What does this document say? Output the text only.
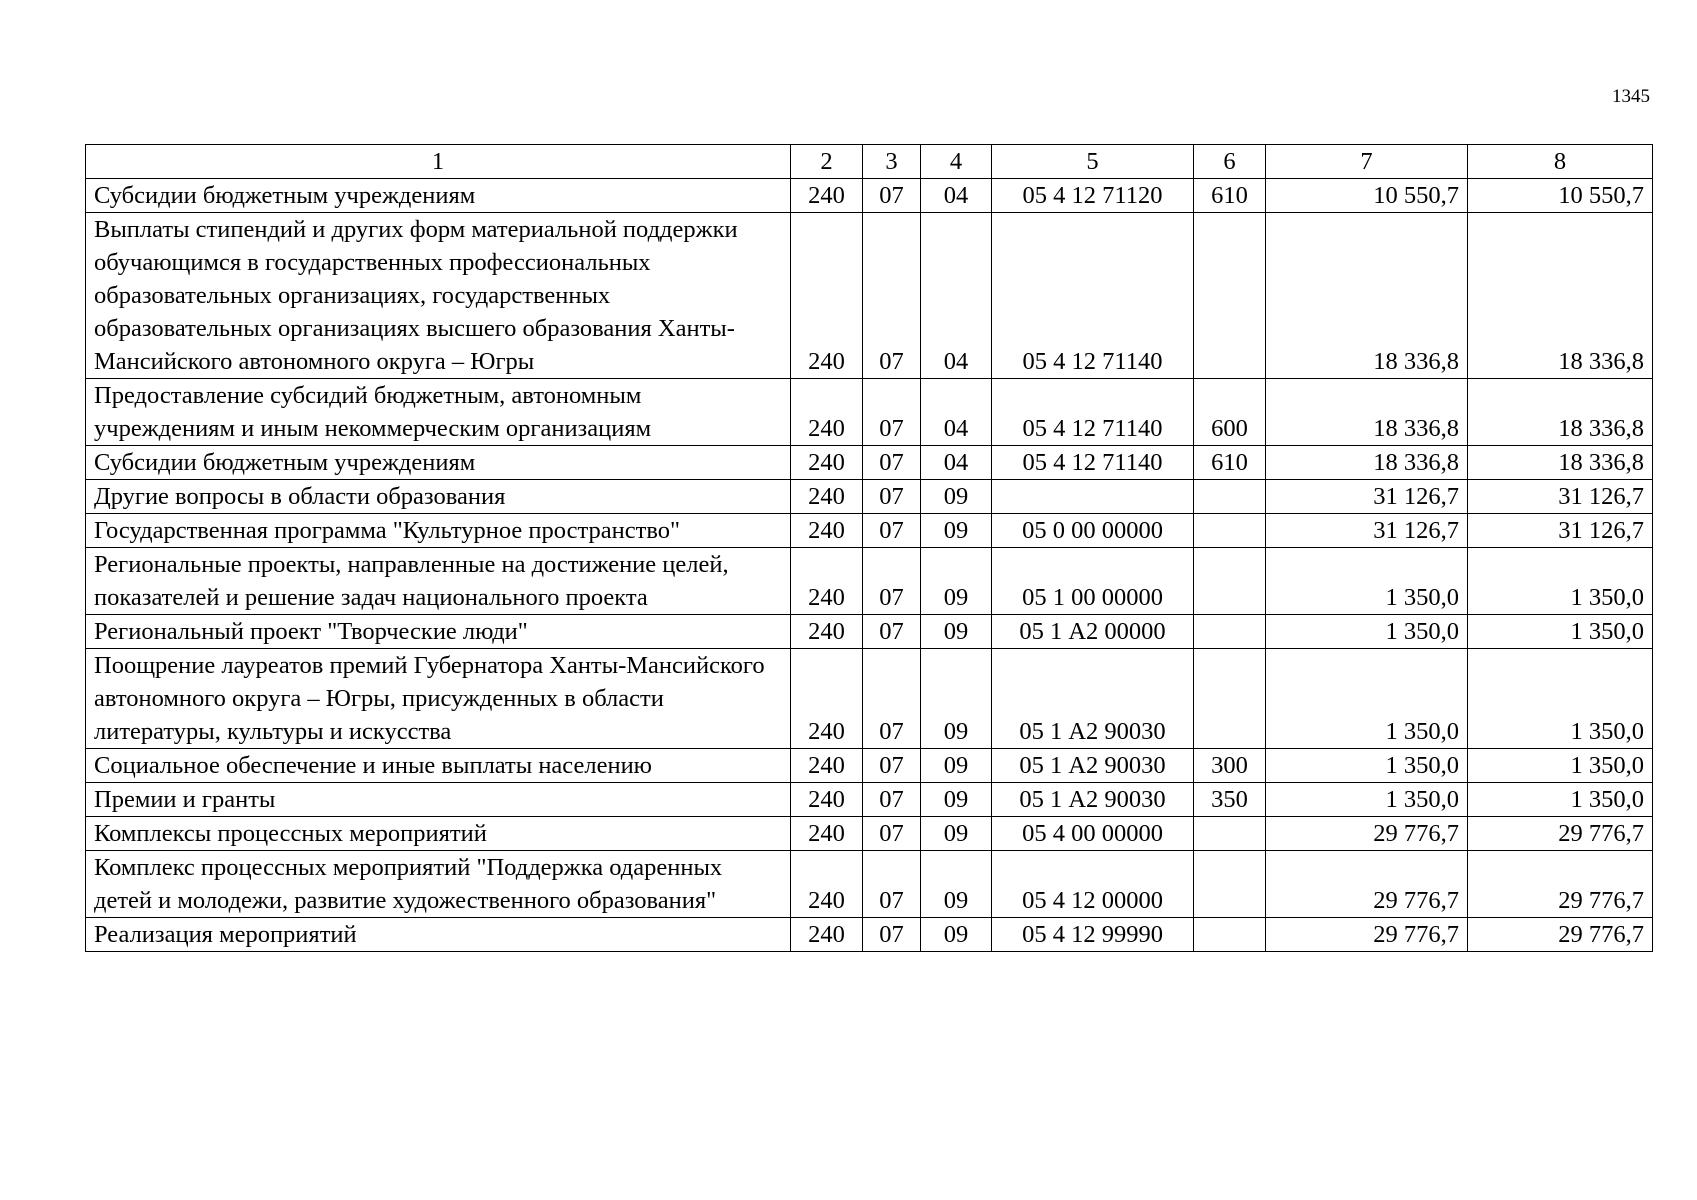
1345
1	2	3	4	5	6	7	8
Субсидии бюджетным учреждениям	240	07	04	05 4 12 71120	610	10 550,7	10 550,7
Выплаты стипендий и других форм материальной поддержки обучающимся в государственных профессиональных образовательных организациях, государственных образовательных организациях высшего образования Ханты-Мансийского автономного округа – Югры	240	07	04	05 4 12 71140		18 336,8	18 336,8
Предоставление субсидий бюджетным, автономным учреждениям и иным некоммерческим организациям	240	07	04	05 4 12 71140	600	18 336,8	18 336,8
Субсидии бюджетным учреждениям	240	07	04	05 4 12 71140	610	18 336,8	18 336,8
Другие вопросы в области образования	240	07	09			31 126,7	31 126,7
Государственная программа "Культурное пространство"	240	07	09	05 0 00 00000		31 126,7	31 126,7
Региональные проекты, направленные на достижение целей, показателей и решение задач национального проекта	240	07	09	05 1 00 00000		1 350,0	1 350,0
Региональный проект "Творческие люди"	240	07	09	05 1 А2 00000		1 350,0	1 350,0
Поощрение лауреатов премий Губернатора Ханты-Мансийского автономного округа – Югры, присужденных в области литературы, культуры и искусства	240	07	09	05 1 А2 90030		1 350,0	1 350,0
Социальное обеспечение и иные выплаты населению	240	07	09	05 1 А2 90030	300	1 350,0	1 350,0
Премии и гранты	240	07	09	05 1 А2 90030	350	1 350,0	1 350,0
Комплексы процессных мероприятий	240	07	09	05 4 00 00000		29 776,7	29 776,7
Комплекс процессных мероприятий "Поддержка одаренных детей и молодежи, развитие художественного образования"	240	07	09	05 4 12 00000		29 776,7	29 776,7
Реализация мероприятий	240	07	09	05 4 12 99990		29 776,7	29 776,7
